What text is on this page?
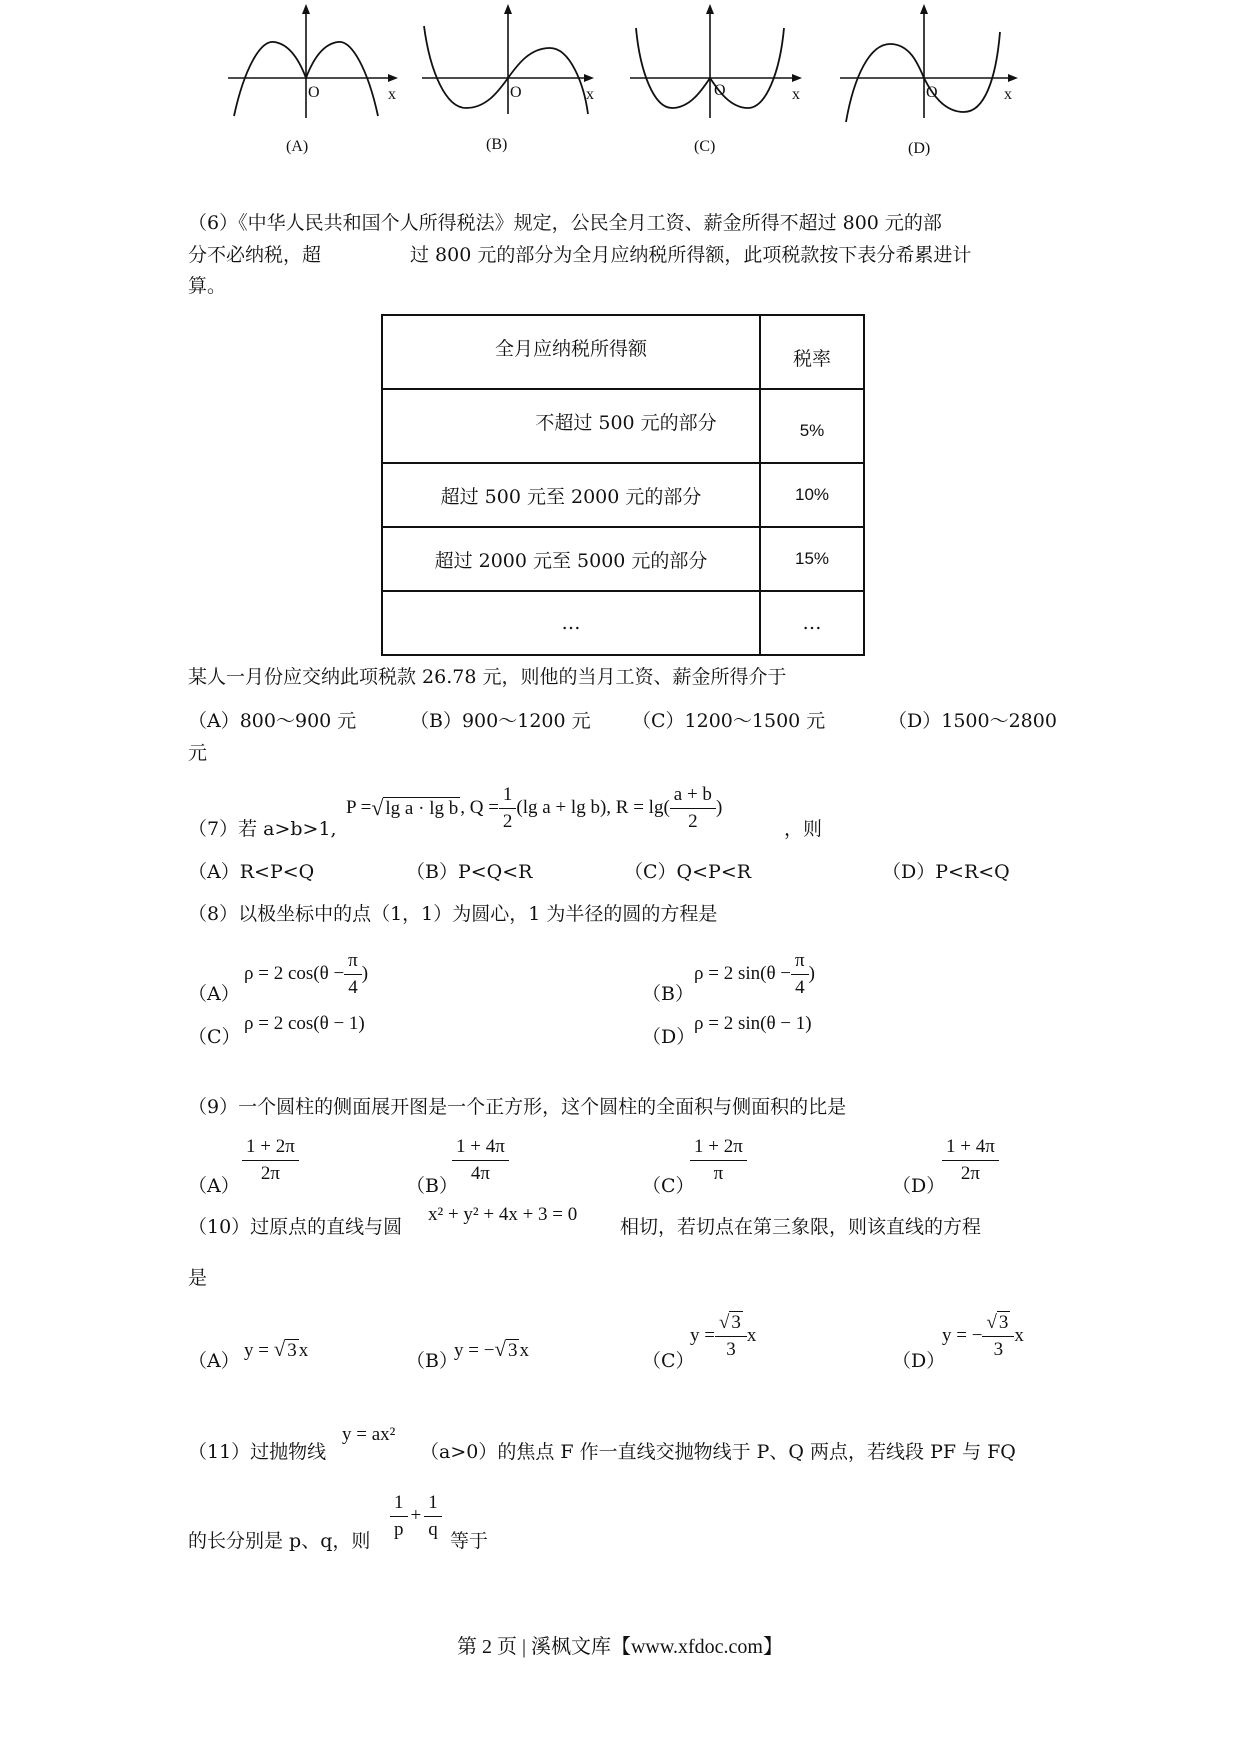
O	x
(A)
O	x
(B)
O	x
(C)
O	x
(D)
（6）《中华人民共和国个人所得税法》规定，公民全月工资、薪金所得不超过 800 元的部
分不必纳税，超	过 800 元的部分为全月应纳税所得额，此项税款按下表分希累进计
算。
全月应纳税所得额	税率
不超过 500 元的部分	5%
超过 500 元至 2000 元的部分	10%
超过 2000 元至 5000 元的部分	15%
…	…
某人一月份应交纳此项税款 26.78 元，则他的当月工资、薪金所得介于
（A）800～900 元	（B）900～1200 元 （C）1200～1500 元	（D）1500～2800
元
（7）若 a>b>1,
P = √ lg a · lg b , $Q = \frac{1}{2} (\lg$ a + lg b), $R = \lg( \frac{a + b}{2}$ )
，则
（A）R<P<Q	（B）P<Q<R	（C）Q<P<R	（D）P<R<Q
（8）以极坐标中的点（1，1）为圆心，1 为半径的圆的方程是
（A）
ρ = 2 $\cos(\theta - \frac{\pi}{4}$ )
（B）
ρ = 2 $\sin(\theta - \frac{\pi}{4}$ )
（C）
ρ = 2 cos(θ − 1)
（D）
ρ = 2 sin(θ − 1)
（9）一个圆柱的侧面展开图是一个正方形，这个圆柱的全面积与侧面积的比是
$(A) \frac{1 + 2\pi}{2\pi}$	（B）
$\frac{1 + 4\pi}{4\pi}$	（C）
$\frac{1 + 2\pi}{\pi}$	（D）
$\frac{1 + 4\pi}{2\pi}$
（10）过原点的直线与圆
x² + y² + 4x + 3 = 0
相切，若切点在第三象限，则该直线的方程
是
（A） y = √ 3 x	（B）
y = −√ 3 x	（C）
$y = \frac{√ 3}{3}$ x
（D）
y = − $\frac{√ 3}{3}$ x
（11）过抛物线
y = ax²
（a>0）的焦点 F 作一直线交抛物线于 P、Q 两点，若线段 PF 与 FQ
的长分别是 p、q，则 $\frac{1}{p} + \frac{1}{q}$ 等于
第 2 页 | 溪枫文库【www.xfdoc.com】
